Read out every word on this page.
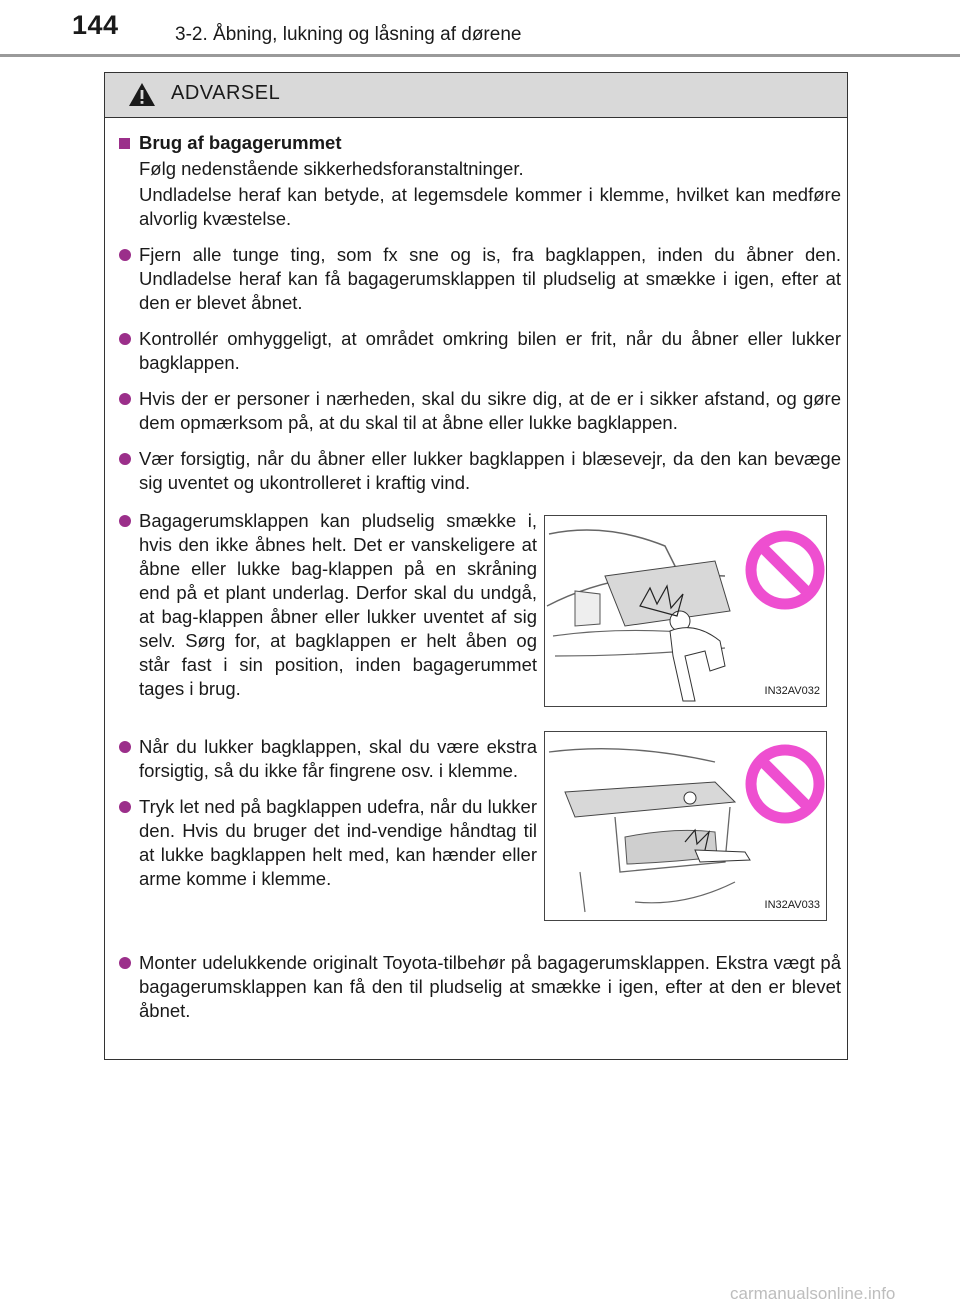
144	3-2. Åbning, lukning og låsning af dørene
ADVARSEL
Brug af bagagerummet
Følg nedenstående sikkerhedsforanstaltninger.
Undladelse heraf kan betyde, at legemsdele kommer i klemme, hvilket kan medføre alvorlig kvæstelse.
Fjern alle tunge ting, som fx sne og is, fra bagklappen, inden du åbner den. Undladelse heraf kan få bagagerumsklappen til pludselig at smække i igen, efter at den er blevet åbnet.
Kontrollér omhyggeligt, at området omkring bilen er frit, når du åbner eller lukker bagklappen.
Hvis der er personer i nærheden, skal du sikre dig, at de er i sikker afstand, og gøre dem opmærksom på, at du skal til at åbne eller lukke bagklappen.
Vær forsigtig, når du åbner eller lukker bagklappen i blæsevejr, da den kan bevæge sig uventet og ukontrolleret i kraftig vind.
Bagagerumsklappen kan pludselig smække i, hvis den ikke åbnes helt. Det er vanskeligere at åbne eller lukke bag-klappen på en skråning end på et plant underlag. Derfor skal du undgå, at bag-klappen åbner eller lukker uventet af sig selv. Sørg for, at bagklappen er helt åben og står fast i sin position, inden bagagerummet tages i brug.	IN32AV032
Når du lukker bagklappen, skal du være ekstra forsigtig, så du ikke får fingrene osv. i klemme.
Tryk let ned på bagklappen udefra, når du lukker den. Hvis du bruger det ind-vendige håndtag til at lukke bagklappen helt med, kan hænder eller arme komme i klemme.
IN32AV033
Monter udelukkende originalt Toyota-tilbehør på bagagerumsklappen. Ekstra vægt på bagagerumsklappen kan få den til pludselig at smække i igen, efter at den er blevet åbnet.
carmanualsonline.info
